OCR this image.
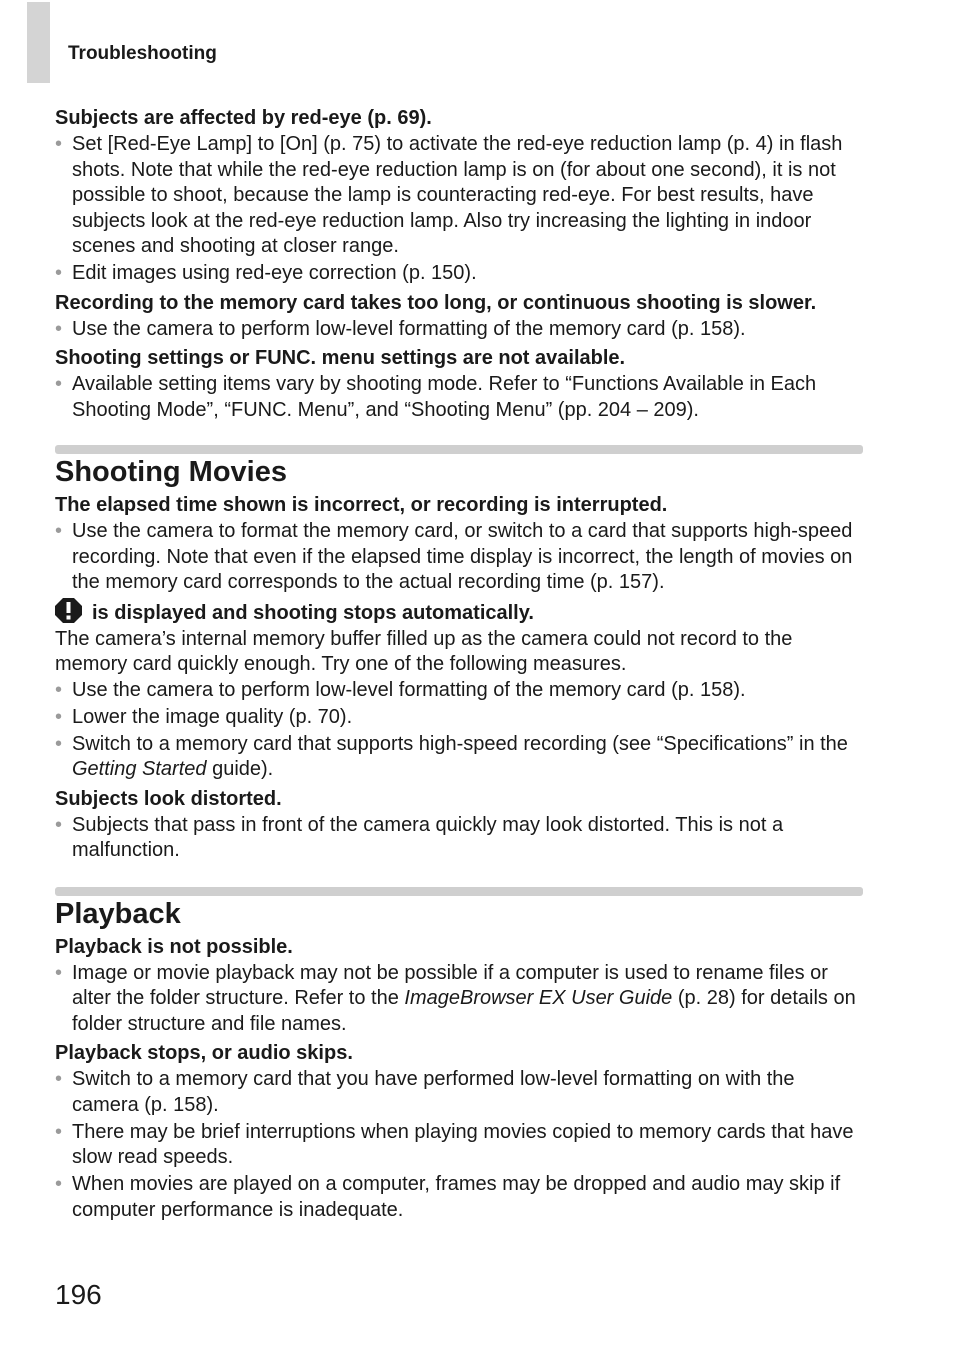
Troubleshooting

Subjects are affected by red-eye (p. 69).

• Set [Red-Eye Lamp] to [On] (p. 75) to activate the red-eye reduction lamp (p. 4) in flash shots. Note that while the red-eye reduction lamp is on (for about one second), it is not possible to shoot, because the lamp is counteracting red-eye. For best results, have subjects look at the red-eye reduction lamp. Also try increasing the lighting in indoor scenes and shooting at closer range.
• Edit images using red-eye correction (p. 150).

Recording to the memory card takes too long, or continuous shooting is slower.

• Use the camera to perform low-level formatting of the memory card (p. 158).

Shooting settings or FUNC. menu settings are not available.

• Available setting items vary by shooting mode. Refer to “Functions Available in Each Shooting Mode”, “FUNC. Menu”, and “Shooting Menu” (pp. 204 – 209).
Shooting Movies

The elapsed time shown is incorrect, or recording is interrupted.

• Use the camera to format the memory card, or switch to a card that supports high-speed recording. Note that even if the elapsed time display is incorrect, the length of movies on the memory card corresponds to the actual recording time (p. 157).

is displayed and shooting stops automatically.

The camera’s internal memory buffer filled up as the camera could not record to the memory card quickly enough. Try one of the following measures.

• Use the camera to perform low-level formatting of the memory card (p. 158).
• Lower the image quality (p. 70).
• Switch to a memory card that supports high-speed recording (see “Specifications” in the Getting Started guide).

Subjects look distorted.

• Subjects that pass in front of the camera quickly may look distorted. This is not a malfunction.
Playback

Playback is not possible.

• Image or movie playback may not be possible if a computer is used to rename files or alter the folder structure. Refer to the ImageBrowser EX User Guide (p. 28) for details on folder structure and file names.

Playback stops, or audio skips.

• Switch to a memory card that you have performed low-level formatting on with the camera (p. 158).
• There may be brief interruptions when playing movies copied to memory cards that have slow read speeds.
• When movies are played on a computer, frames may be dropped and audio may skip if computer performance is inadequate.
196
